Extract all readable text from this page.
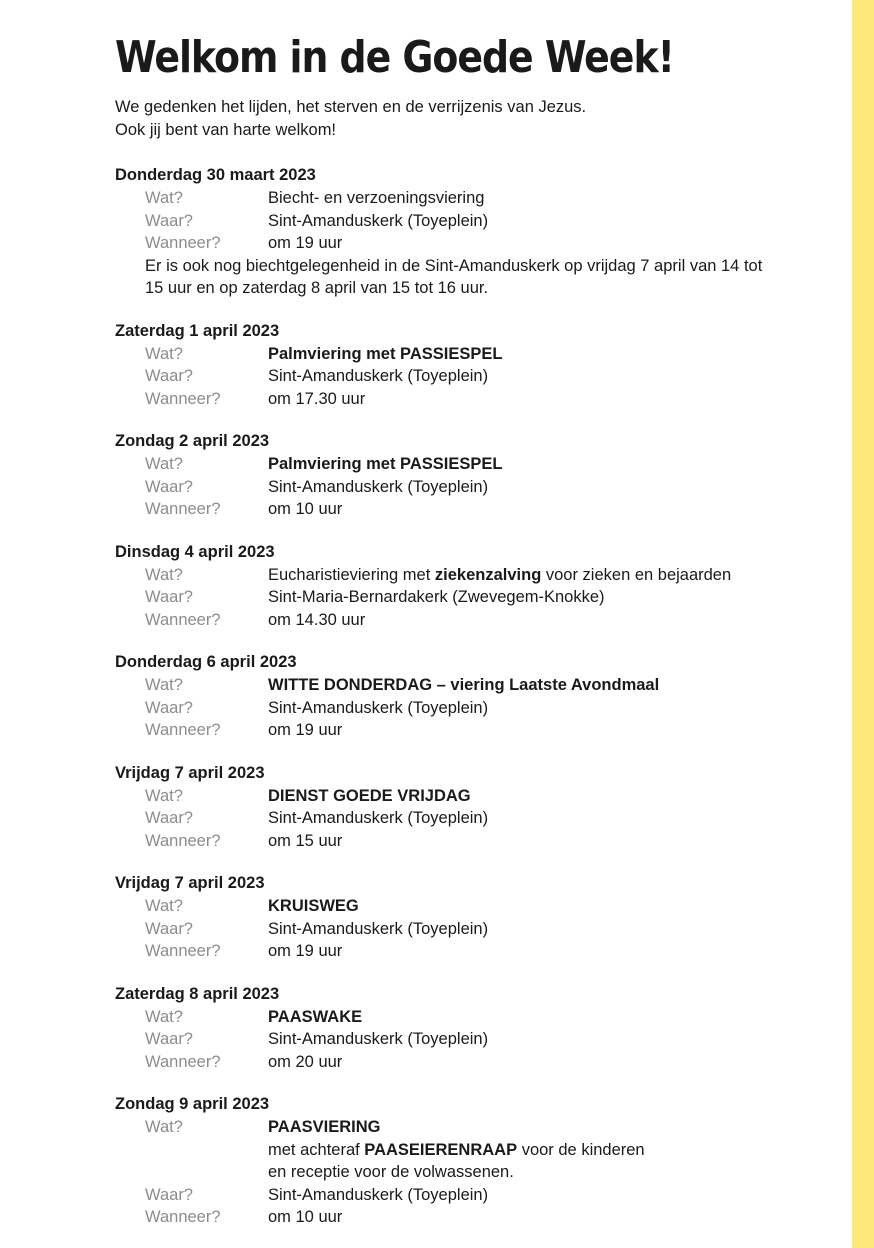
Welkom in de Goede Week!
We gedenken het lijden, het sterven en de verrijzenis van Jezus.
Ook jij bent van harte welkom!
Donderdag 30 maart 2023
Wat?	Biecht- en verzoeningsviering
Waar?	Sint-Amanduskerk (Toyeplein)
Wanneer?	om 19 uur
Er is ook nog biechtgelegenheid in de Sint-Amanduskerk op vrijdag 7 april van 14 tot 15 uur en op zaterdag 8 april van 15 tot 16 uur.
Zaterdag 1 april 2023
Wat?	Palmviering met PASSIESPEL
Waar?	Sint-Amanduskerk (Toyeplein)
Wanneer?	om 17.30 uur
Zondag 2 april 2023
Wat?	Palmviering met PASSIESPEL
Waar?	Sint-Amanduskerk (Toyeplein)
Wanneer?	om 10 uur
Dinsdag 4 april 2023
Wat?	Eucharistieviering met ziekenzalving voor zieken en bejaarden
Waar?	Sint-Maria-Bernardakerk (Zwevegem-Knokke)
Wanneer?	om 14.30 uur
Donderdag 6 april 2023
Wat?	WITTE DONDERDAG – viering Laatste Avondmaal
Waar?	Sint-Amanduskerk (Toyeplein)
Wanneer?	om 19 uur
Vrijdag 7 april 2023
Wat?	DIENST GOEDE VRIJDAG
Waar?	Sint-Amanduskerk (Toyeplein)
Wanneer?	om 15 uur
Vrijdag 7 april 2023
Wat?	KRUISWEG
Waar?	Sint-Amanduskerk (Toyeplein)
Wanneer?	om 19 uur
Zaterdag 8 april 2023
Wat?	PAASWAKE
Waar?	Sint-Amanduskerk (Toyeplein)
Wanneer?	om 20 uur
Zondag 9 april 2023
Wat?	PAASVIERING
met achteraf PAASEIERENRAAP voor de kinderen
en receptie voor de volwassenen.
Waar?	Sint-Amanduskerk (Toyeplein)
Wanneer?	om 10 uur
